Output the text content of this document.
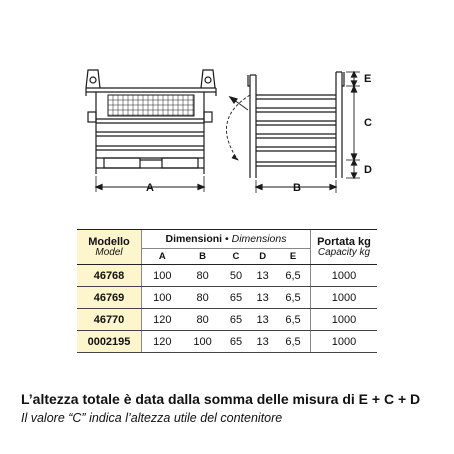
A	B
E
C
D
Modello
Model	Dimensioni • Dimensions					Portata kg
Capacity kg

	A	B	C	D	E	
46768	100	80	50	13	6,5	1000
46769	100	80	65	13	6,5	1000
46770	120	80	65	13	6,5	1000
0002195	120	100	65	13	6,5	1000
L’altezza totale è data dalla somma delle misura di E + C + D
Il valore “C” indica l’altezza utile del contenitore
